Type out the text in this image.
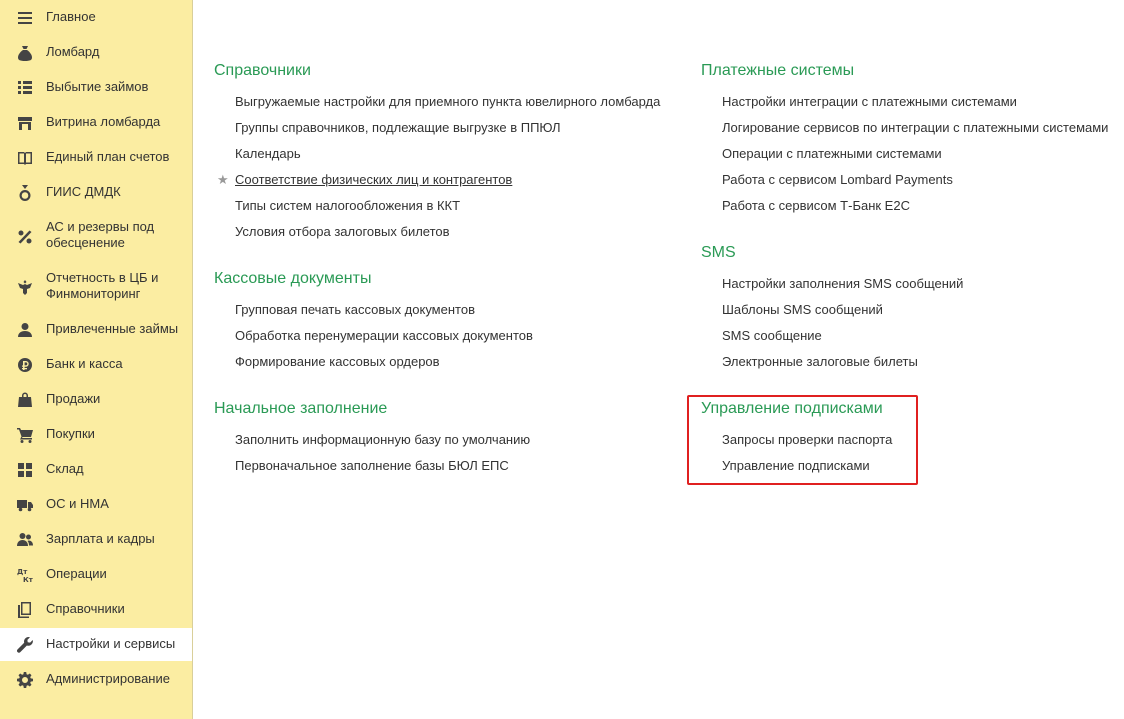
Главное
Ломбард
Выбытие займов
Витрина ломбарда
Единый план счетов
ГИИС ДМДК
АС и резервы под обесценение
Отчетность в ЦБ и Финмониторинг
Привлеченные займы
Банк и касса
Продажи
Покупки
Склад
ОС и НМА
Зарплата и кадры
Дт
Кт Операции
Справочники
Настройки и сервисы
Администрирование
Справочники
Выгружаемые настройки для приемного пункта ювелирного ломбарда
Группы справочников, подлежащие выгрузке в ППЮЛ
Календарь
★ Соответствие физических лиц и контрагентов
Типы систем налогообложения в ККТ
Условия отбора залоговых билетов
Кассовые документы
Групповая печать кассовых документов
Обработка перенумерации кассовых документов
Формирование кассовых ордеров
Начальное заполнение
Заполнить информационную базу по умолчанию
Первоначальное заполнение базы БЮЛ ЕПС
Платежные системы
Настройки интеграции с платежными системами
Логирование сервисов по интеграции с платежными системами
Операции с платежными системами
Работа с сервисом Lombard Payments
Работа с сервисом Т-Банк E2C
SMS
Настройки заполнения SMS сообщений
Шаблоны SMS сообщений
SMS сообщение
Электронные залоговые билеты
Управление подписками
Запросы проверки паспорта
Управление подписками
